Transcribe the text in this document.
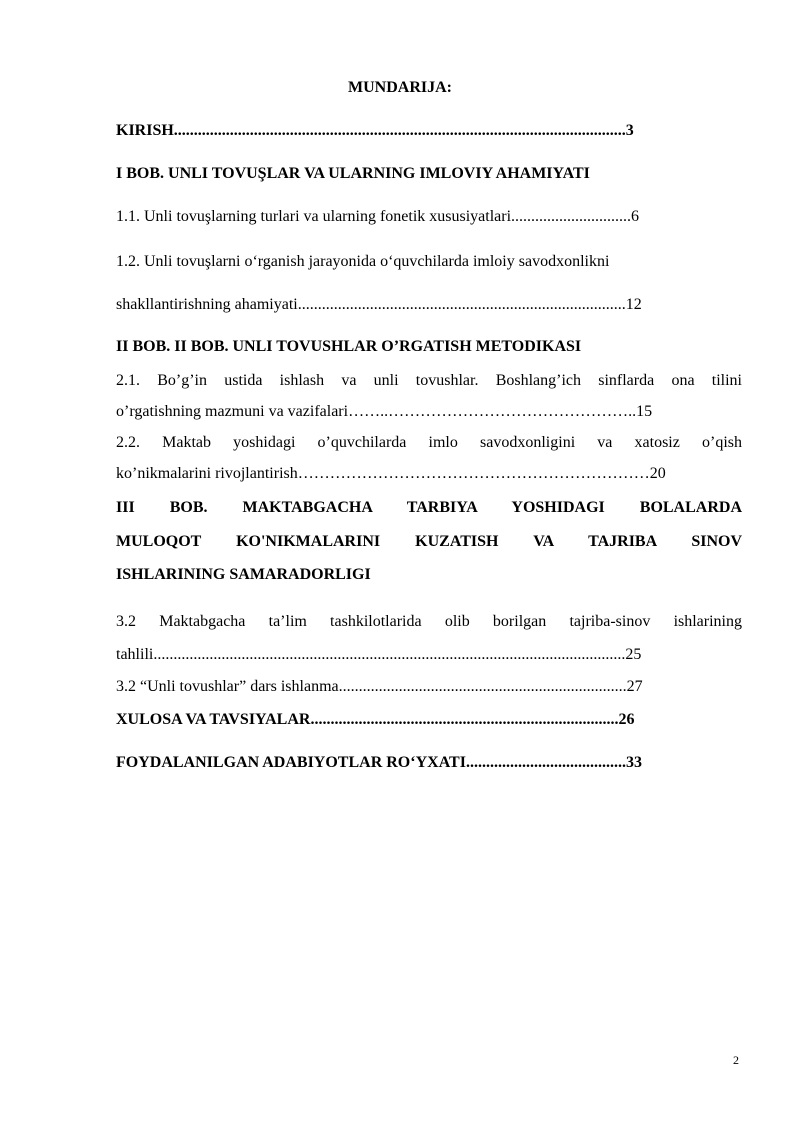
MUNDARIJA:

KIRISH.................................................................................................................3

I BOB. UNLI TOVUŞLAR VA ULARNING IMLOVIY AHAMIYATI

1.1. Unli tovuşlarning turlari va ularning fonetik xususiyatlari..............................6

1.2. Unli tovuşlarni oʻrganish jarayonida oʻquvchilarda imloiy savodxonlikni

shakllantirishning ahamiyati..................................................................................12

II BOB. II BOB. UNLI TOVUSHLAR O’RGATISH METODIKASI

2.1. Bo’g’in ustida ishlash va unli tovushlar. Boshlang’ich sinflarda ona tilini

o’rgatishning mazmuni va vazifalari……..………………………………………..15

2.2. Maktab yoshidagi o’quvchilarda imlo savodxonligini va xatosiz o’qish

ko’nikmalarini rivojlantirish…………………………………………………………20

III BOB. MAKTABGACHA TARBIYA YOSHIDAGI BOLALARDA

MULOQOT KO'NIKMALARINI KUZATISH VA TAJRIBA SINOV

ISHLARINING SAMARADORLIGI

3.2 Maktabgacha ta’lim tashkilotlarida olib borilgan tajriba-sinov ishlarining

tahlili......................................................................................................................25

3.2 “Unli tovushlar” dars ishlanma........................................................................27

XULOSA VA TAVSIYALAR.............................................................................26

FOYDALANILGAN ADABIYOTLAR ROʻYXATI........................................33

2
